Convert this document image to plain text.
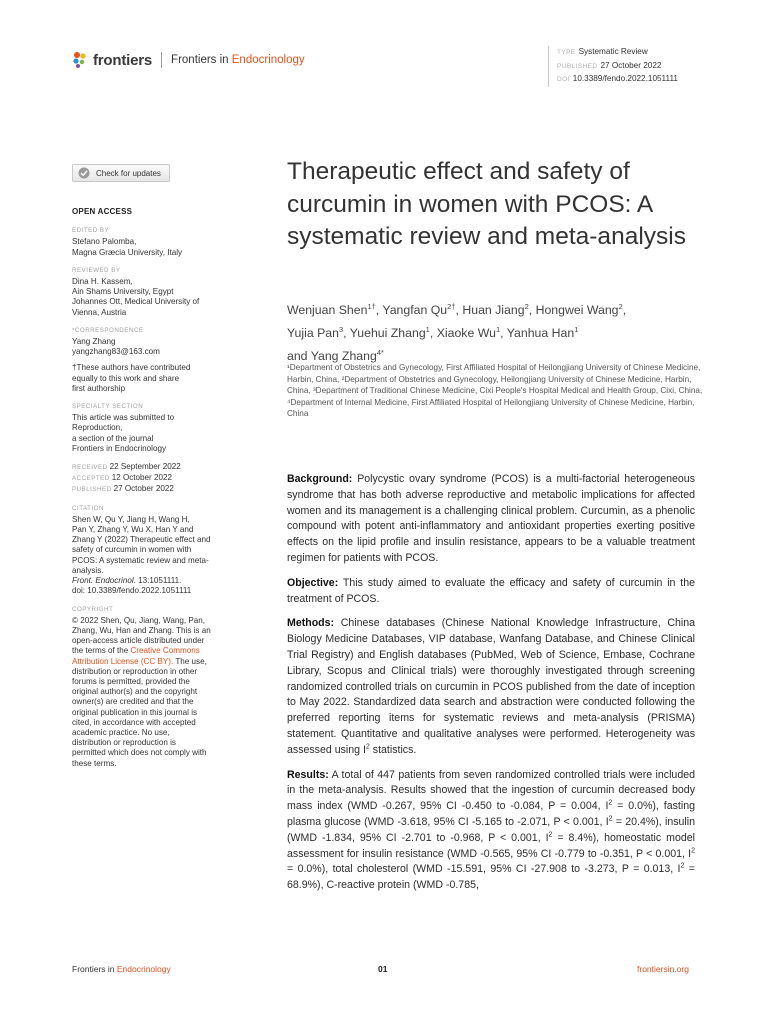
frontiers Frontiers in Endocrinology
TYPE Systematic Review
PUBLISHED 27 October 2022
DOI 10.3389/fendo.2022.1051111
Check for updates
OPEN ACCESS
EDITED BY
Stefano Palomba,
Magna Græcia University, Italy
REVIEWED BY
Dina H. Kassem,
Ain Shams University, Egypt
Johannes Ott, Medical University of
Vienna, Austria
*CORRESPONDENCE
Yang Zhang
yangzhang83@163.com
†These authors have contributed
equally to this work and share
first authorship
SPECIALTY SECTION
This article was submitted to
Reproduction,
a section of the journal
Frontiers in Endocrinology
RECEIVED 22 September 2022
ACCEPTED 12 October 2022
PUBLISHED 27 October 2022
CITATION
Shen W, Qu Y, Jiang H, Wang H,
Pan Y, Zhang Y, Wu X, Han Y and
Zhang Y (2022) Therapeutic effect and
safety of curcumin in women with
PCOS: A systematic review and meta-
analysis.
Front. Endocrinol. 13:1051111.
doi: 10.3389/fendo.2022.1051111
COPYRIGHT
© 2022 Shen, Qu, Jiang, Wang, Pan,
Zhang, Wu, Han and Zhang. This is an
open-access article distributed under
the terms of the Creative Commons
Attribution License (CC BY). The use,
distribution or reproduction in other
forums is permitted, provided the
original author(s) and the copyright
owner(s) are credited and that the
original publication in this journal is
cited, in accordance with accepted
academic practice. No use,
distribution or reproduction is
permitted which does not comply with
these terms.
Therapeutic effect and safety of curcumin in women with PCOS: A systematic review and meta-analysis
Wenjuan Shen$^{1\dagger}$, Yangfan $Qu^{2\dagger}$, Huan Jiang$^2$, Hongwei Wang$^2$,
Yujia Pan$^3$, Yuehui Zhang$^1$, Xiaoke Wu$^1$, Yanhua Han$^1$
and Yang Zhang$^{4*}$
¹Department of Obstetrics and Gynecology, First Affiliated Hospital of Heilongjiang University of Chinese Medicine, Harbin, China, ²Department of Obstetrics and Gynecology, Heilongjiang University of Chinese Medicine, Harbin, China, ³Department of Traditional Chinese Medicine, Cixi People's Hospital Medical and Health Group, Cixi, China, ⁴Department of Internal Medicine, First Affiliated Hospital of Heilongjiang University of Chinese Medicine, Harbin, China

Background: Polycystic ovary syndrome (PCOS) is a multi-factorial heterogeneous syndrome that has both adverse reproductive and metabolic implications for affected women and its management is a challenging clinical problem. Curcumin, as a phenolic compound with potent anti-inflammatory and antioxidant properties exerting positive effects on the lipid profile and insulin resistance, appears to be a valuable treatment regimen for patients with PCOS.

Objective: This study aimed to evaluate the efficacy and safety of curcumin in the treatment of PCOS.

Methods: Chinese databases (Chinese National Knowledge Infrastructure, China Biology Medicine Databases, VIP database, Wanfang Database, and Chinese Clinical Trial Registry) and English databases (PubMed, Web of Science, Embase, Cochrane Library, Scopus and Clinical trials) were thoroughly investigated through screening randomized controlled trials on curcumin in PCOS published from the date of inception to May 2022. Standardized data search and abstraction were conducted following the preferred reporting items for systematic reviews and meta-analysis (PRISMA) statement. Quantitative and qualitative analyses were performed. Heterogeneity was assessed using $I^2$ statistics.

Results: A total of 447 patients from seven randomized controlled trials were included in the meta-analysis. Results showed that the ingestion of curcumin decreased body mass index (WMD -0.267, 95% CI -0.450 to -0.084, P = 0.004, $I^2 = 0.0\%$), fasting plasma glucose (WMD -3.618, 95% CI -5.165 to -2.071, P < 0.001, $I^2 = 20.4\%$), insulin (WMD -1.834, 95% CI -2.701 to -0.968, P < 0.001, $I^2 = 8.4\%$), homeostatic model assessment for insulin resistance (WMD -0.565, 95% CI -0.779 to -0.351, P < 0.001, $I^2 = 0.0\%$), total cholesterol (WMD -15.591, 95% CI -27.908 to -3.273, P = 0.013, $I^2 = 68.9\%$), C-reactive protein (WMD -0.785,

Frontiers in Endocrinology	01	frontiersin.org
